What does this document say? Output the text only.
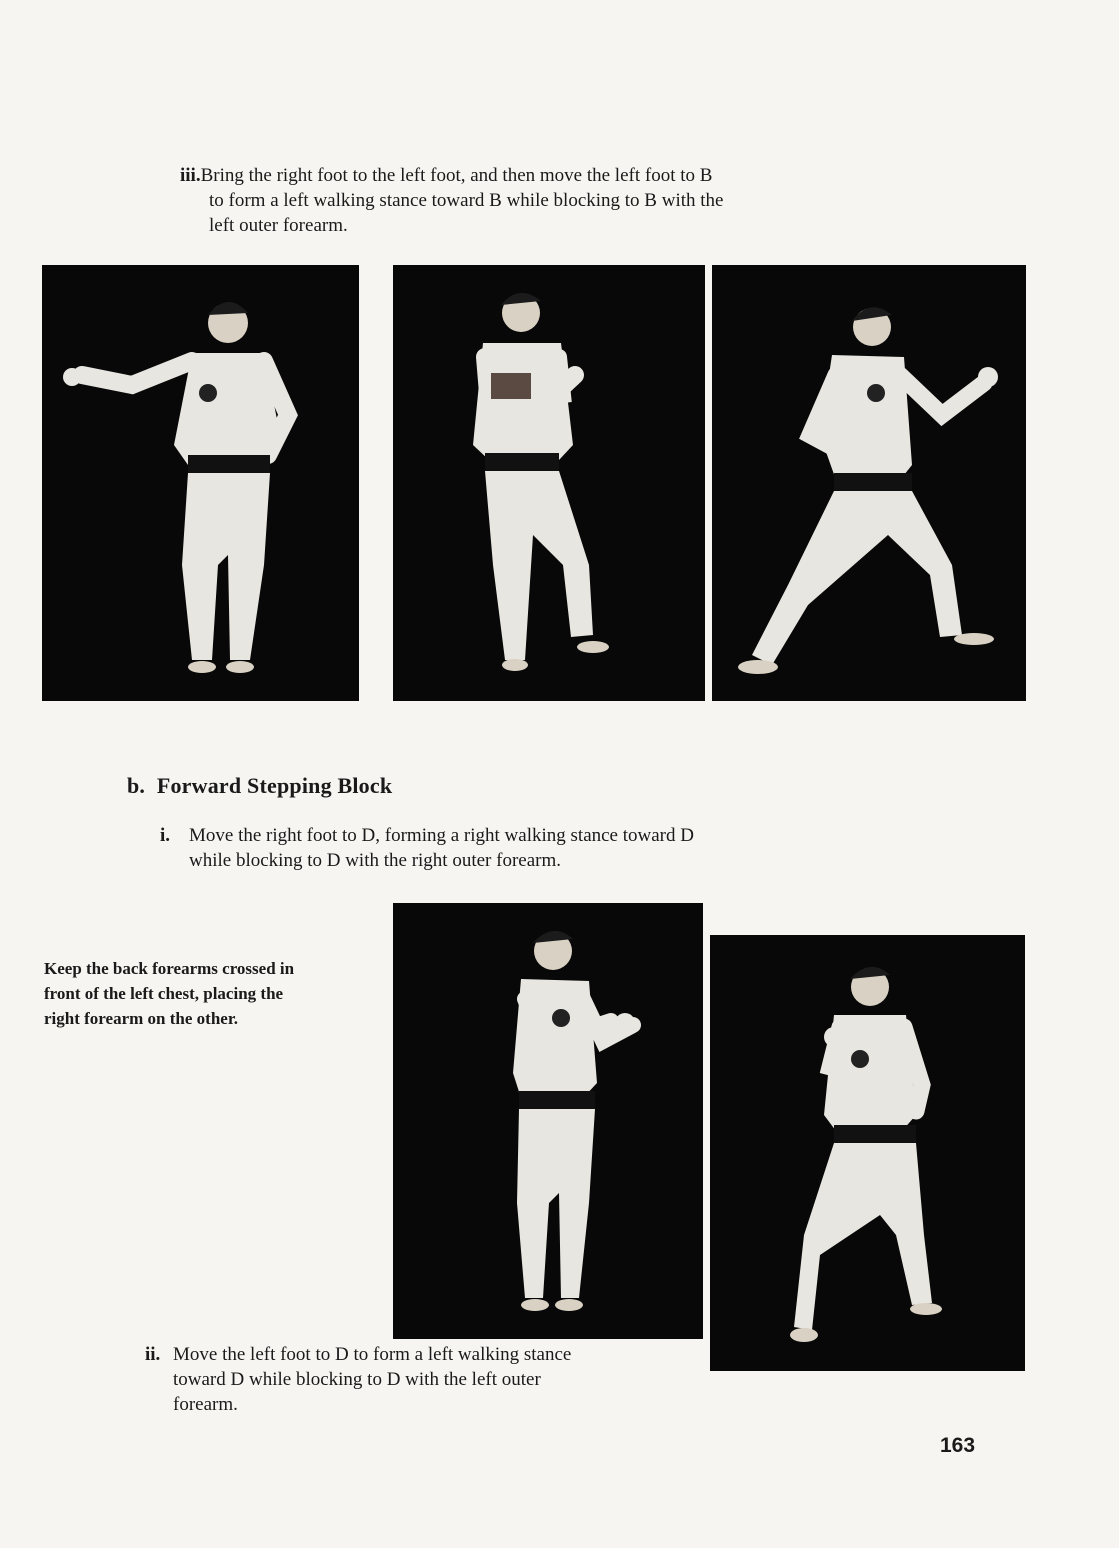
iii.Bring the right foot to the left foot, and then move the left foot to B

to form a left walking stance toward B while blocking to B with the
left outer forearm.
b. Forward Stepping Block
i. Move the right foot to D, forming a right walking stance toward D

while blocking to D with the right outer forearm.
Keep the back forearms crossed in
front of the left chest, placing the
right forearm on the other.
ii. Move the left foot to D to form a left walking stance

toward D while blocking to D with the left outer
forearm.
163
